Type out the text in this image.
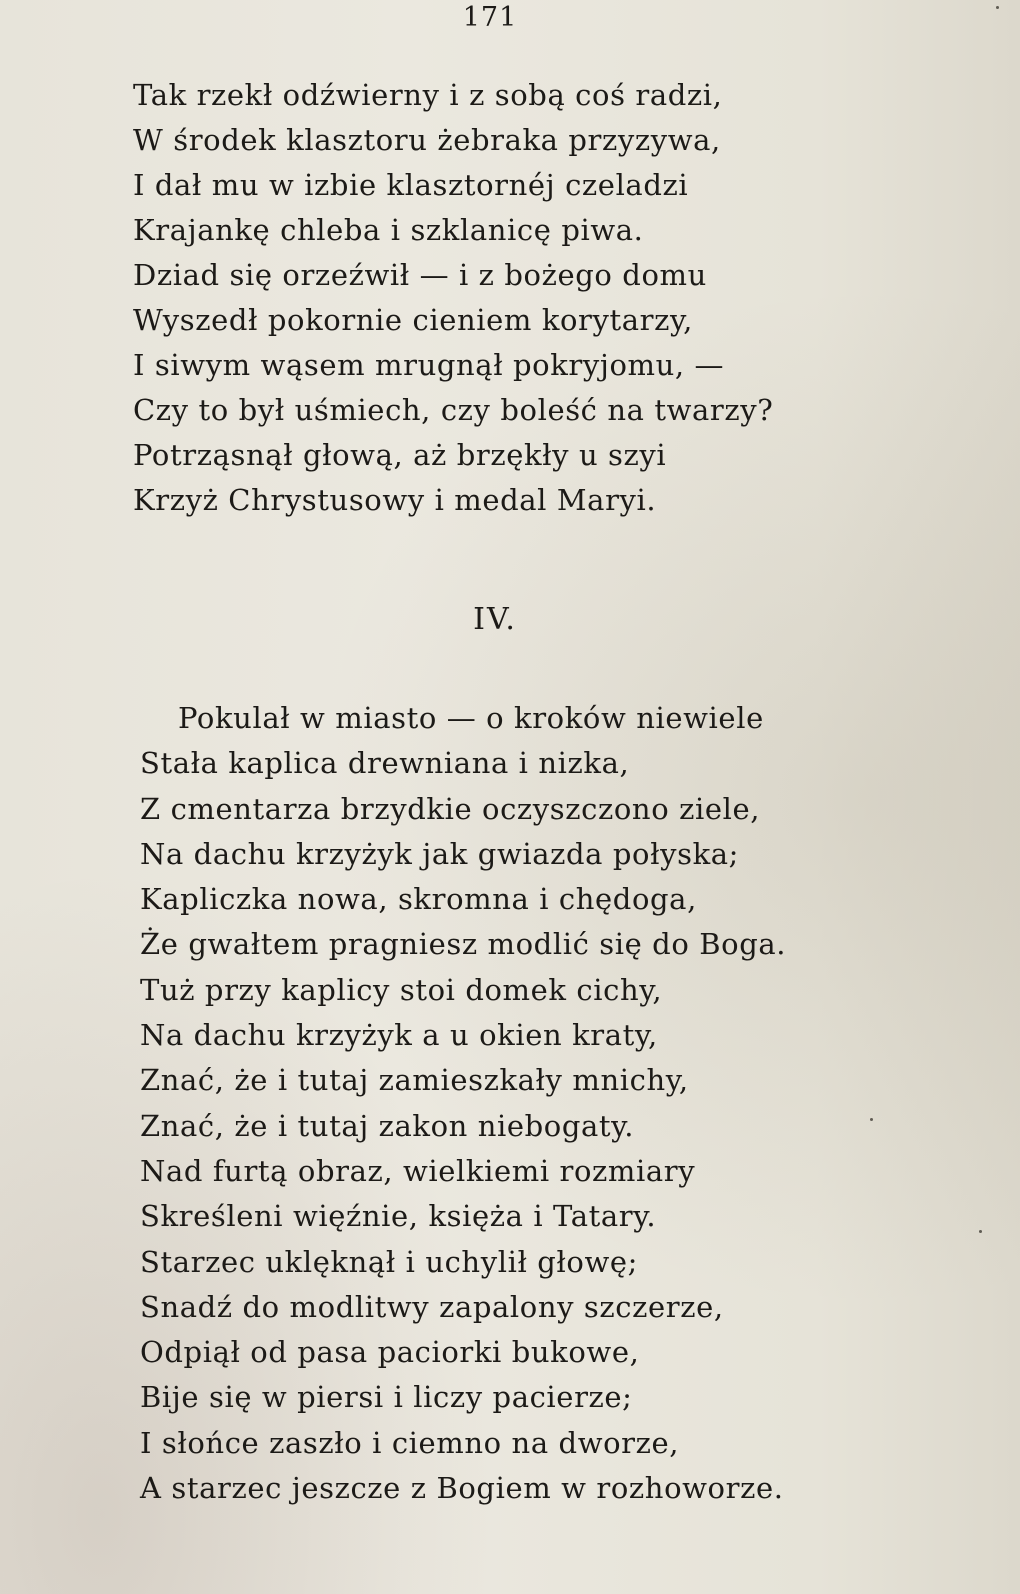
171
Tak rzekł odźwierny i z sobą coś radzi,
W środek klasztoru żebraka przyzywa,
I dał mu w izbie klasztornéj czeladzi
Krajankę chleba i szklanicę piwa.
Dziad się orzeźwił — i z bożego domu
Wyszedł pokornie cieniem korytarzy,
I siwym wąsem mrugnął pokryjomu, —
Czy to był uśmiech, czy boleść na twarzy?
Potrząsnął głową, aż brzękły u szyi
Krzyż Chrystusowy i medal Maryi.
IV.
Pokulał w miasto — o kroków niewiele
Stała kaplica drewniana i nizka,
Z cmentarza brzydkie oczyszczono ziele,
Na dachu krzyżyk jak gwiazda połyska;
Kapliczka nowa, skromna i chędoga,
Że gwałtem pragniesz modlić się do Boga.
Tuż przy kaplicy stoi domek cichy,
Na dachu krzyżyk a u okien kraty,
Znać, że i tutaj zamieszkały mnichy,
Znać, że i tutaj zakon niebogaty.
Nad furtą obraz, wielkiemi rozmiary
Skreśleni więźnie, księża i Tatary.
Starzec uklęknął i uchylił głowę;
Snadź do modlitwy zapalony szczerze,
Odpiął od pasa paciorki bukowe,
Bije się w piersi i liczy pacierze;
I słońce zaszło i ciemno na dworze,
A starzec jeszcze z Bogiem w rozhoworze.
